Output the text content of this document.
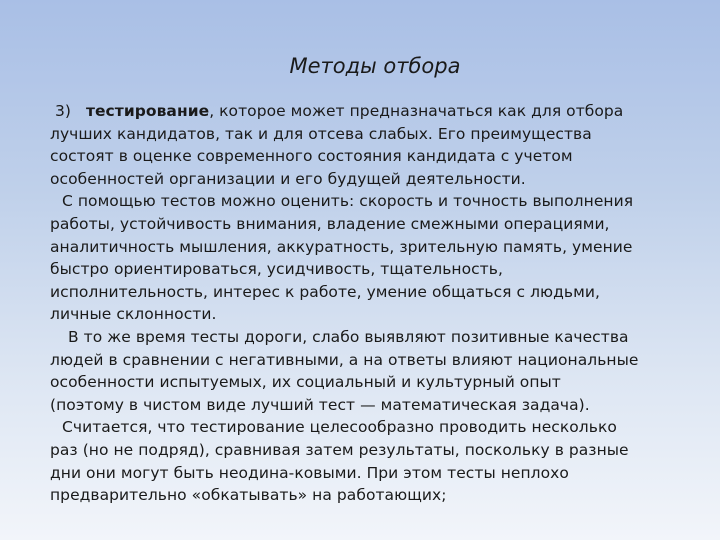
Методы отбора
3)   тестирование, которое может предназначаться как для отбора
лучших кандидатов, так и для отсева слабых. Его преимущества
состоят в оценке современного состояния кандидата с учетом
особенностей организации и его будущей деятельности.
С помощью тестов можно оценить: скорость и точность выполнения
работы, устойчивость внимания, владение смежными операциями,
аналитичность мышления, аккуратность, зрительную память, умение
быстро ориентироваться, усидчивость, тщательность,
исполнительность, интерес к работе, умение общаться с людьми,
личные склонности.
В то же время тесты дороги, слабо выявляют позитивные качества
людей в сравнении с негативными, а на ответы влияют национальные
особенности испытуемых, их социальный и культурный опыт
(поэтому в чистом виде лучший тест — математическая задача).
Считается, что тестирование целесообразно проводить несколько
раз (но не подряд), сравнивая затем результаты, поскольку в разные
дни они могут быть неодина-ковыми. При этом тесты неплохо
предварительно «обкатывать» на работающих;
